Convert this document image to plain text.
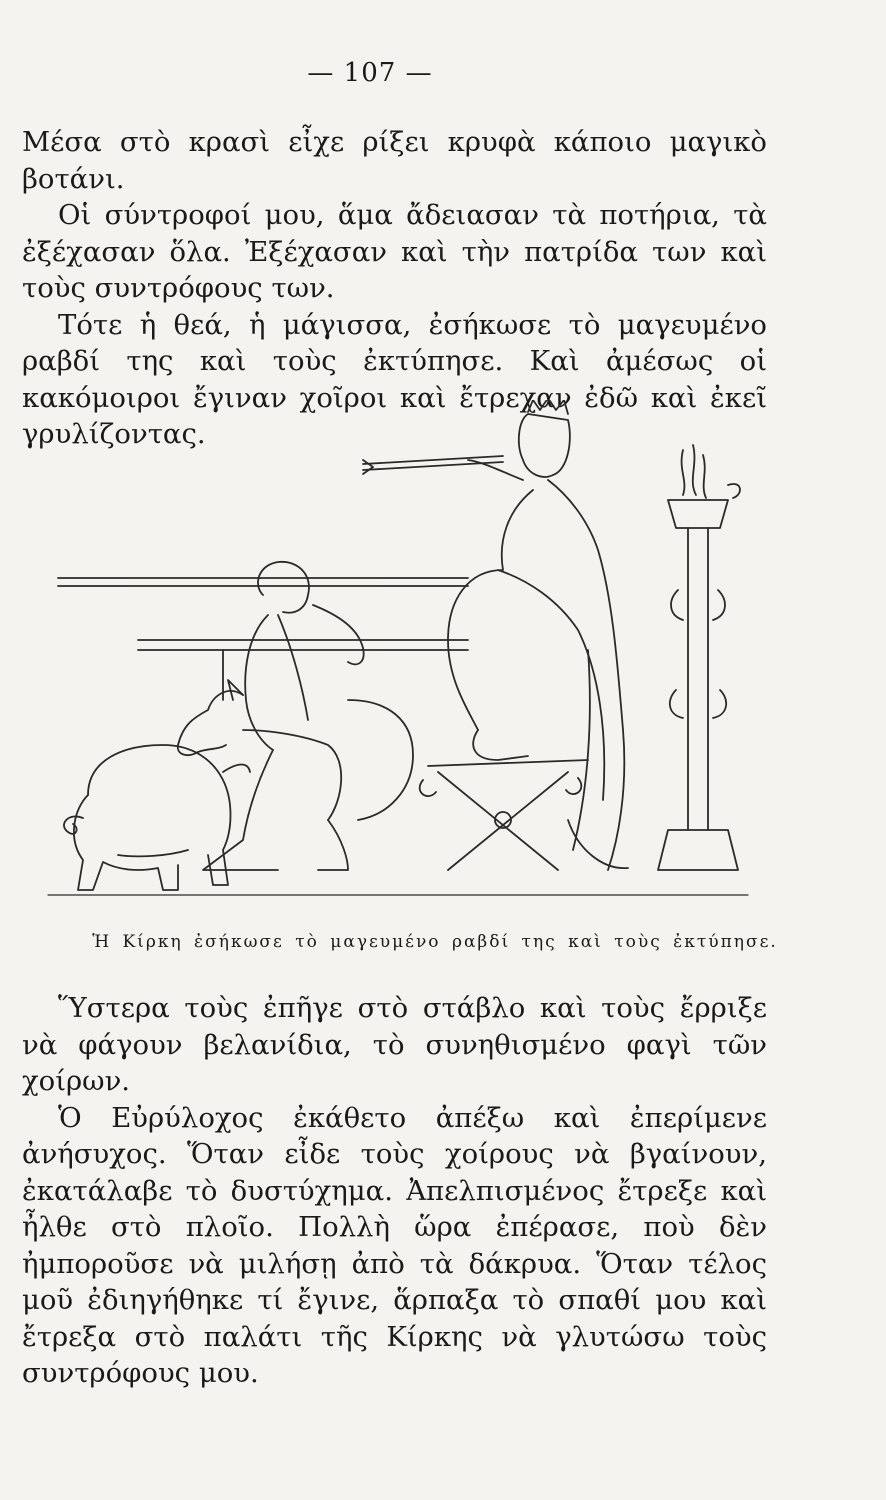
— 107 —

Μέσα στὸ κρασὶ εἶχε ρίξει κρυφὰ κάποιο μαγικὸ βοτάνι.

Οἱ σύντροφοί μου, ἅμα ἄδειασαν τὰ ποτήρια, τὰ ἐξέχασαν ὅλα. Ἐξέχασαν καὶ τὴν πατρίδα των καὶ τοὺς συντρόφους των.

Τότε ἡ θεά, ἡ μάγισσα, ἐσήκωσε τὸ μαγευμένο ραβδί της καὶ τοὺς ἐκτύπησε. Καὶ ἀμέσως οἱ κακόμοιροι ἔγιναν χοῖροι καὶ ἔτρεχαν ἐδῶ καὶ ἐκεῖ γρυλίζοντας.

Ἡ Κίρκη ἐσήκωσε τὸ μαγευμένο ραβδί της καὶ τοὺς ἐκτύπησε.

Ὕστερα τοὺς ἐπῆγε στὸ στάβλο καὶ τοὺς ἔρριξε νὰ φάγουν βελανίδια, τὸ συνηθισμένο φαγὶ τῶν χοίρων.

Ὁ Εὐρύλοχος ἐκάθετο ἀπέξω καὶ ἐπερίμενε ἀνήσυχος. Ὅταν εἶδε τοὺς χοίρους νὰ βγαίνουν, ἐκατάλαβε τὸ δυστύχημα. Ἀπελπισμένος ἔτρεξε καὶ ἦλθε στὸ πλοῖο. Πολλὴ ὥρα ἐπέρασε, ποὺ δὲν ἠμποροῦσε νὰ μιλήσῃ ἀπὸ τὰ δάκρυα. Ὅταν τέλος μοῦ ἐδιηγήθηκε τί ἔγινε, ἅρπαξα τὸ σπαθί μου καὶ ἔτρεξα στὸ παλάτι τῆς Κίρκης νὰ γλυτώσω τοὺς συντρόφους μου.
